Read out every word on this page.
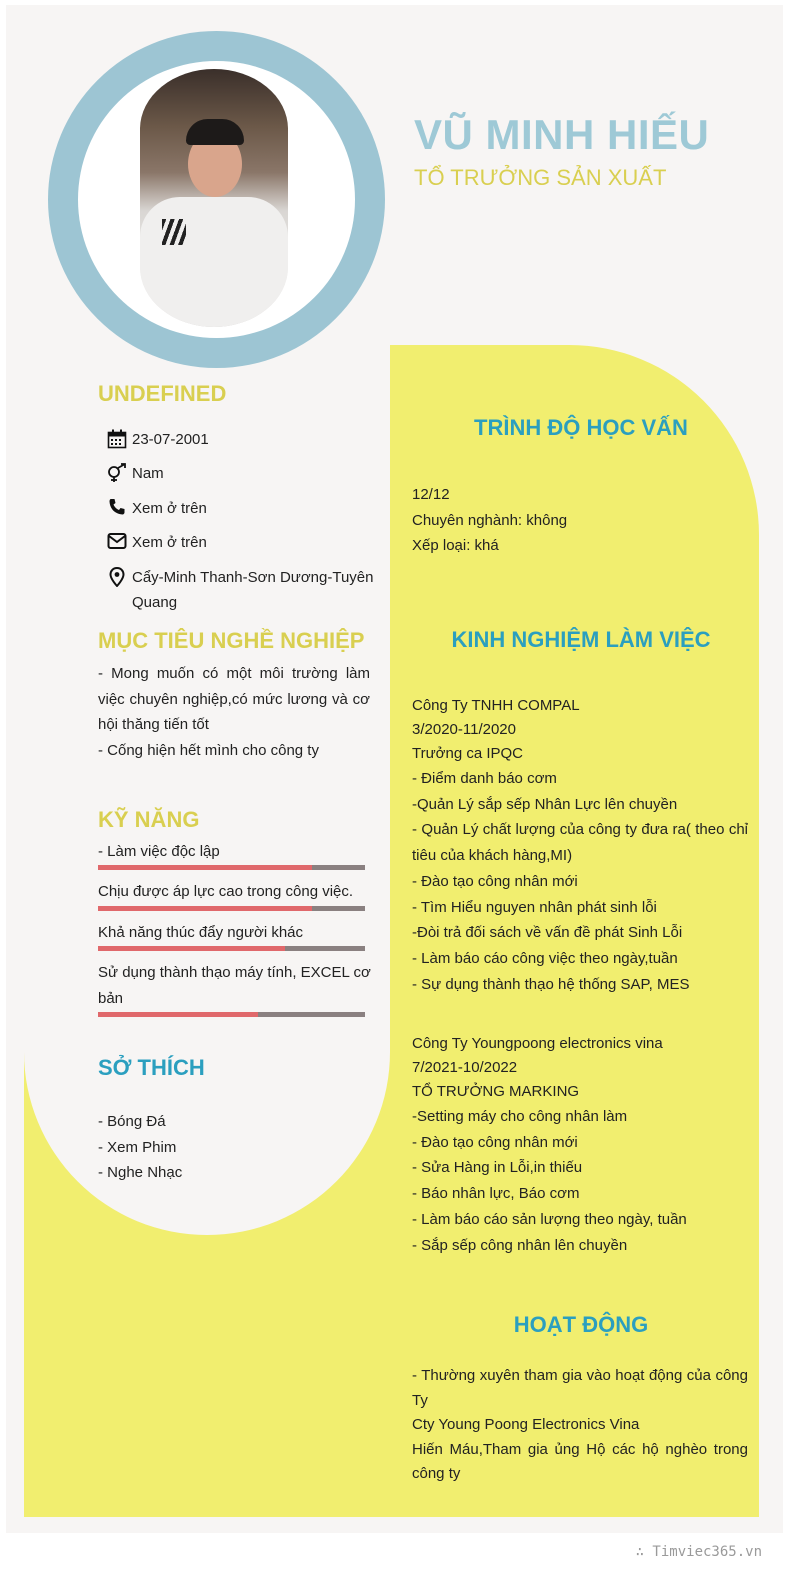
VŨ MINH HIẾU
TỔ TRƯỞNG SẢN XUẤT
UNDEFINED
23-07-2001
Nam
Xem ở trên
Xem ở trên
Cẩy-Minh Thanh-Sơn Dương-Tuyên Quang
MỤC TIÊU NGHỀ NGHIỆP
- Mong muốn có một môi trường làm việc chuyên nghiệp,có mức lương và cơ hội thăng tiến tốt
- Cống hiện hết mình cho công ty
KỸ NĂNG
- Làm việc độc lập
Chịu được áp lực cao trong công việc.
Khả năng thúc đẩy người khác
Sử dụng thành thạo máy tính, EXCEL cơ bản
SỞ THÍCH
- Bóng Đá
- Xem Phim
- Nghe Nhạc
TRÌNH ĐỘ HỌC VẤN
12/12
Chuyên nghành: không
Xếp loại: khá
KINH NGHIỆM LÀM VIỆC
Công Ty TNHH COMPAL
3/2020-11/2020
Trưởng ca IPQC
- Điểm danh báo cơm
-Quản Lý sắp sếp Nhân Lực lên chuyền
- Quản Lý chất lượng của công ty đưa ra( theo chỉ tiêu của khách hàng,MI)
- Đào tạo công nhân mới
- Tìm Hiểu nguyen nhân phát sinh lỗi
-Đòi trả đối sách về vấn đề phát Sinh Lỗi
- Làm báo cáo công việc theo ngày,tuần
- Sự dụng thành thạo hệ thống SAP, MES
Công Ty Youngpoong electronics vina
7/2021-10/2022
TỔ TRƯỞNG MARKING
-Setting máy cho công nhân làm
- Đào tạo công nhân mới
- Sửa Hàng in Lỗi,in thiếu
- Báo nhân lực, Báo cơm
- Làm báo cáo sản lượng theo ngày, tuần
- Sắp sếp công nhân lên chuyền
HOẠT ĐỘNG
- Thường xuyên tham gia vào hoạt động của công Ty
Cty Young Poong Electronics Vina
Hiến Máu,Tham gia ủng Hộ các hộ nghèo trong công ty
∴ Timviec365.vn
